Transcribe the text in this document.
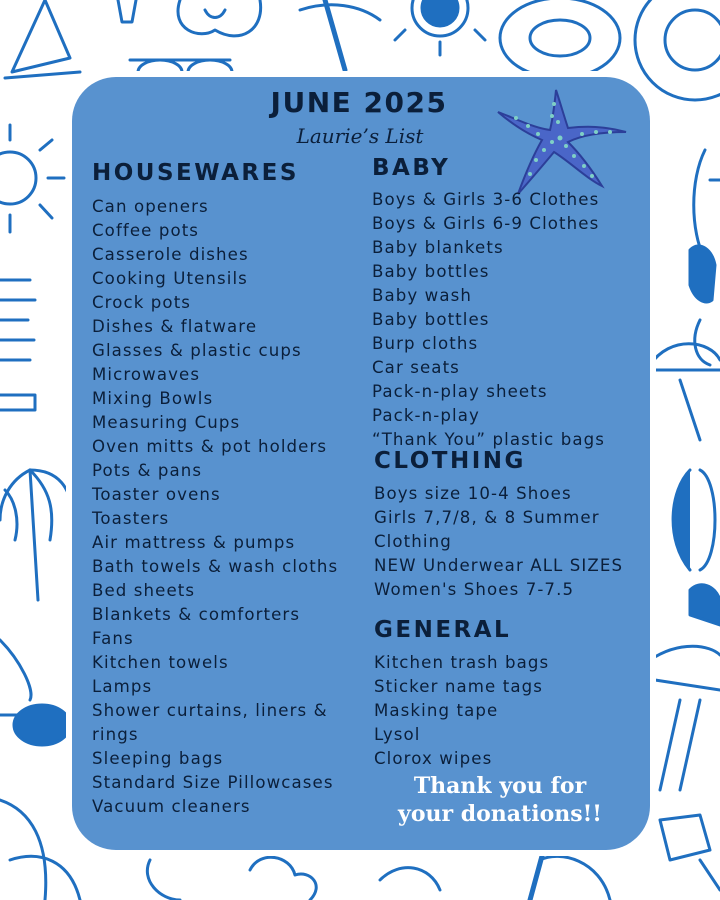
JUNE 2025
Laurie’s List
HOUSEWARES
Can openers
Coffee pots
Casserole dishes
Cooking Utensils
Crock pots
Dishes & flatware
Glasses & plastic cups
Microwaves
Mixing Bowls
Measuring Cups
Oven mitts & pot holders
Pots & pans
Toaster ovens
Toasters
Air mattress & pumps
Bath towels & wash cloths
Bed sheets
Blankets & comforters
Fans
Kitchen towels
Lamps
Shower curtains, liners &
rings
Sleeping bags
Standard Size Pillowcases
Vacuum cleaners
BABY
Boys & Girls 3-6 Clothes
Boys & Girls 6-9 Clothes
Baby blankets
Baby bottles
Baby wash
Baby bottles
Burp cloths
Car seats
Pack-n-play sheets
Pack-n-play
“Thank You” plastic bags
CLOTHING
Boys size 10-4 Shoes
Girls 7,7/8, & 8 Summer
Clothing
NEW Underwear ALL SIZES
Women's Shoes 7-7.5
GENERAL
Kitchen trash bags
Sticker name tags
Masking tape
Lysol
Clorox wipes
Thank you for
your donations!!
